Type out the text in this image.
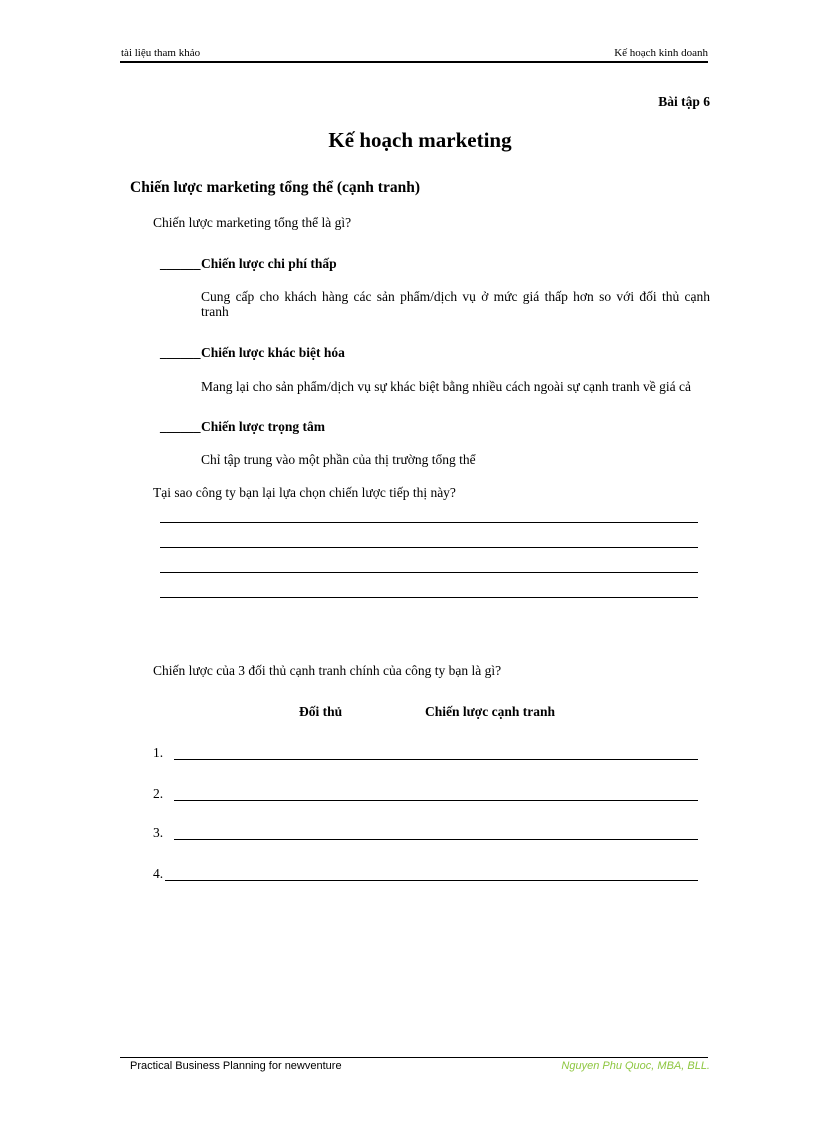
tài liệu tham khảo	Kế hoạch kinh doanh
Bài tập 6
Kế hoạch marketing
Chiến lược marketing tổng thể (cạnh tranh)
Chiến lược marketing tổng thể là gì?
______ Chiến lược chi phí thấp
Cung cấp cho khách hàng các sản phẩm/dịch vụ ở mức giá thấp hơn so với đối thủ cạnh
tranh
______ Chiến lược khác biệt hóa
Mang lại cho sản phẩm/dịch vụ sự khác biệt bằng nhiều cách ngoài sự cạnh tranh về giá cả
______ Chiến lược trọng tâm
Chỉ tập trung vào một phần của thị trường tổng thể
Tại sao công ty bạn lại lựa chọn chiến lược tiếp thị này?
Chiến lược của 3 đối thủ cạnh tranh chính của công ty bạn là gì?
Đối thủ	Chiến lược cạnh tranh
1.
2.
3.
4.
Practical Business Planning for newventure	Nguyen Phu Quoc, MBA, BLL.
